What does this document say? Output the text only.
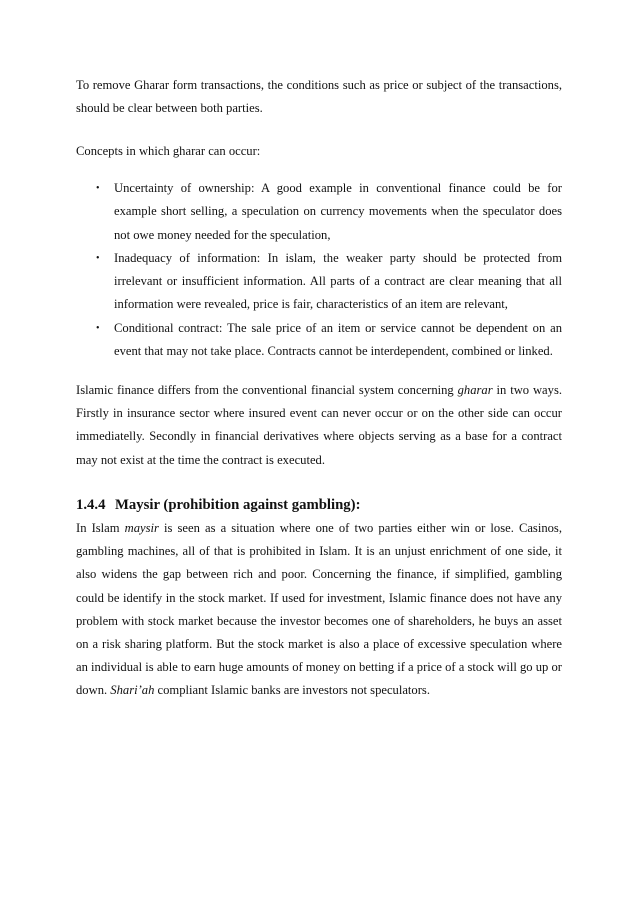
To remove Gharar form transactions, the conditions such as price or subject of the transactions, should be clear between both parties.

Concepts in which gharar can occur:

• Uncertainty of ownership: A good example in conventional finance could be for example short selling, a speculation on currency movements when the speculator does not owe money needed for the speculation,
• Inadequacy of information: In islam, the weaker party should be protected from irrelevant or insufficient information. All parts of a contract are clear meaning that all information were revealed, price is fair, characteristics of an item are relevant,
• Conditional contract: The sale price of an item or service cannot be dependent on an event that may not take place. Contracts cannot be interdependent, combined or linked.

Islamic finance differs from the conventional financial system concerning gharar in two ways. Firstly in insurance sector where insured event can never occur or on the other side can occur immediatelly. Secondly in financial derivatives where objects serving as a base for a contract may not exist at the time the contract is executed.

1.4.4 Maysir (prohibition against gambling):

In Islam maysir is seen as a situation where one of two parties either win or lose. Casinos, gambling machines, all of that is prohibited in Islam. It is an unjust enrichment of one side, it also widens the gap between rich and poor. Concerning the finance, if simplified, gambling could be identify in the stock market. If used for investment, Islamic finance does not have any problem with stock market because the investor becomes one of shareholders, he buys an asset on a risk sharing platform. But the stock market is also a place of excessive speculation where an individual is able to earn huge amounts of money on betting if a price of a stock will go up or down. Shari’ah compliant Islamic banks are investors not speculators.
